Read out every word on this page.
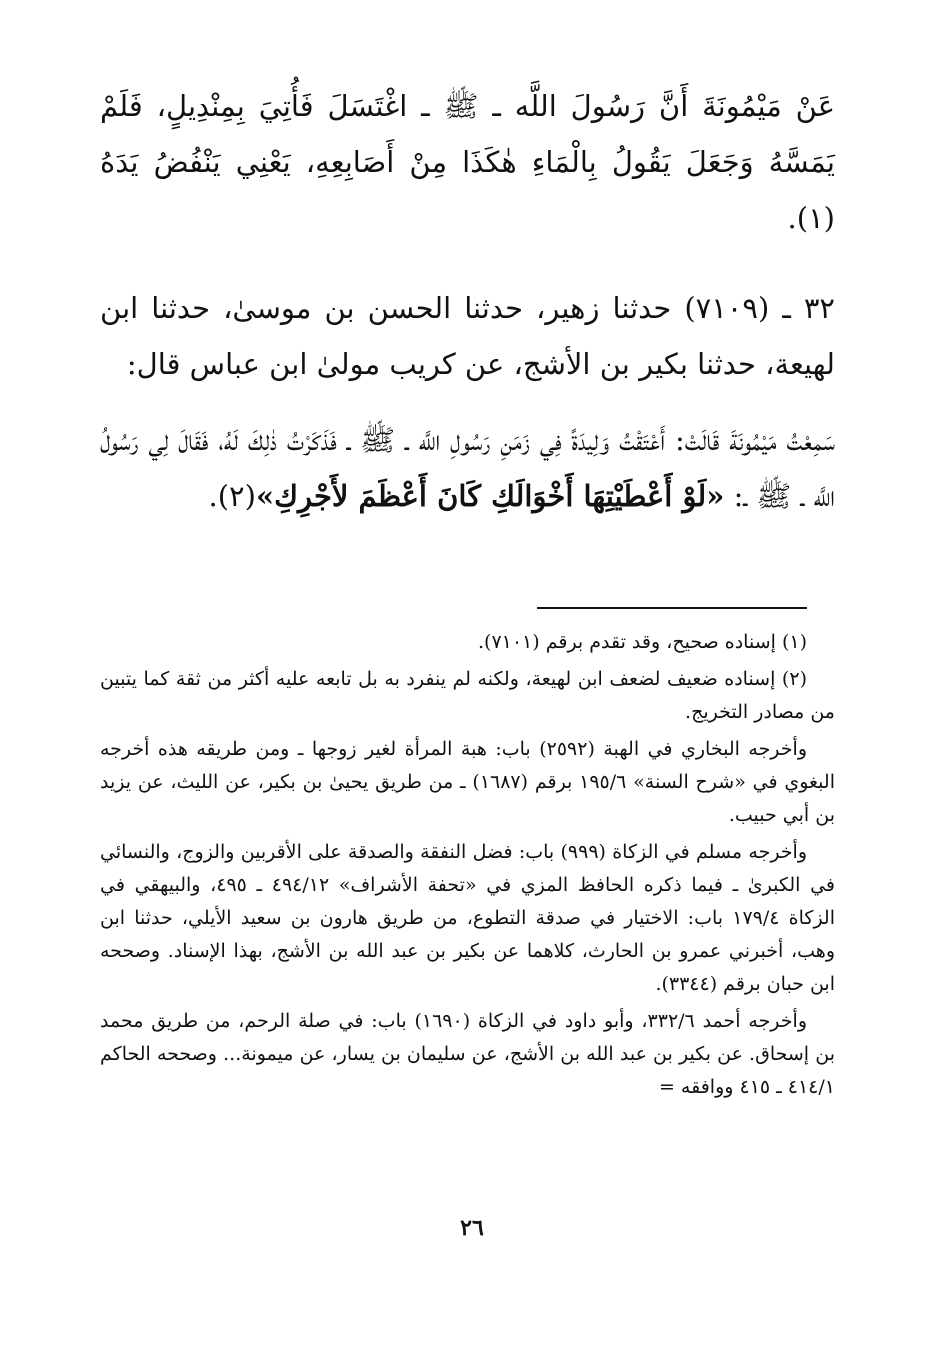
عَنْ مَيْمُونَةَ أَنَّ رَسُولَ اللَّه ـ ﷺ ـ اغْتَسَلَ فَأُتِيَ بِمِنْدِيلٍ، فَلَمْ يَمَسَّهُ وَجَعَلَ يَقُولُ بِالْمَاءِ هٰكَذَا مِنْ أَصَابِعِهِ، يَعْنِي يَنْفُضُ يَدَهُ (١).

٣٢ ـ (٧١٠٩) حدثنا زهير، حدثنا الحسن بن موسىٰ، حدثنا ابن لهيعة، حدثنا بكير بن الأشج، عن كريب مولىٰ ابن عباس قال:

سَمِعْتُ مَيْمُونَةَ قَالَتْ: أَعْتَقْتُ وَلِيدَةً فِي زَمَنِ رَسُولِ اللَّه ـ ﷺ ـ فَذَكَرْتُ ذٰلِكَ لَهُ، فَقَالَ لِي رَسُولُ اللَّه ـ ﷺ ـ: «لَوْ أَعْطَيْتِهَا أَخْوَالَكِ كَانَ أَعْظَمَ لأَجْرِكِ»(٢).

(١) إسناده صحيح، وقد تقدم برقم (٧١٠١).

(٢) إسناده ضعيف لضعف ابن لهيعة، ولكنه لم ينفرد به بل تابعه عليه أكثر من ثقة كما يتبين من مصادر التخريج.

وأخرجه البخاري في الهبة (٢٥٩٢) باب: هبة المرأة لغير زوجها ـ ومن طريقه هذه أخرجه البغوي في «شرح السنة» ١٩٥/٦ برقم (١٦٨٧) ـ من طريق يحيىٰ بن بكير، عن الليث، عن يزيد بن أبي حبيب.

وأخرجه مسلم في الزكاة (٩٩٩) باب: فضل النفقة والصدقة على الأقربين والزوج، والنسائي في الكبرىٰ ـ فيما ذكره الحافظ المزي في «تحفة الأشراف» ٤٩٤/١٢ ـ ٤٩٥، والبيهقي في الزكاة ١٧٩/٤ باب: الاختيار في صدقة التطوع، من طريق هارون بن سعيد الأيلي، حدثنا ابن وهب، أخبرني عمرو بن الحارث، كلاهما عن بكير بن عبد الله بن الأشج، بهذا الإسناد. وصححه ابن حبان برقم (٣٣٤٤).

وأخرجه أحمد ٣٣٢/٦، وأبو داود في الزكاة (١٦٩٠) باب: في صلة الرحم، من طريق محمد بن إسحاق. عن بكير بن عبد الله بن الأشج، عن سليمان بن يسار، عن ميمونة... وصححه الحاكم ٤١٤/١ ـ ٤١٥ ووافقه =

٢٦
